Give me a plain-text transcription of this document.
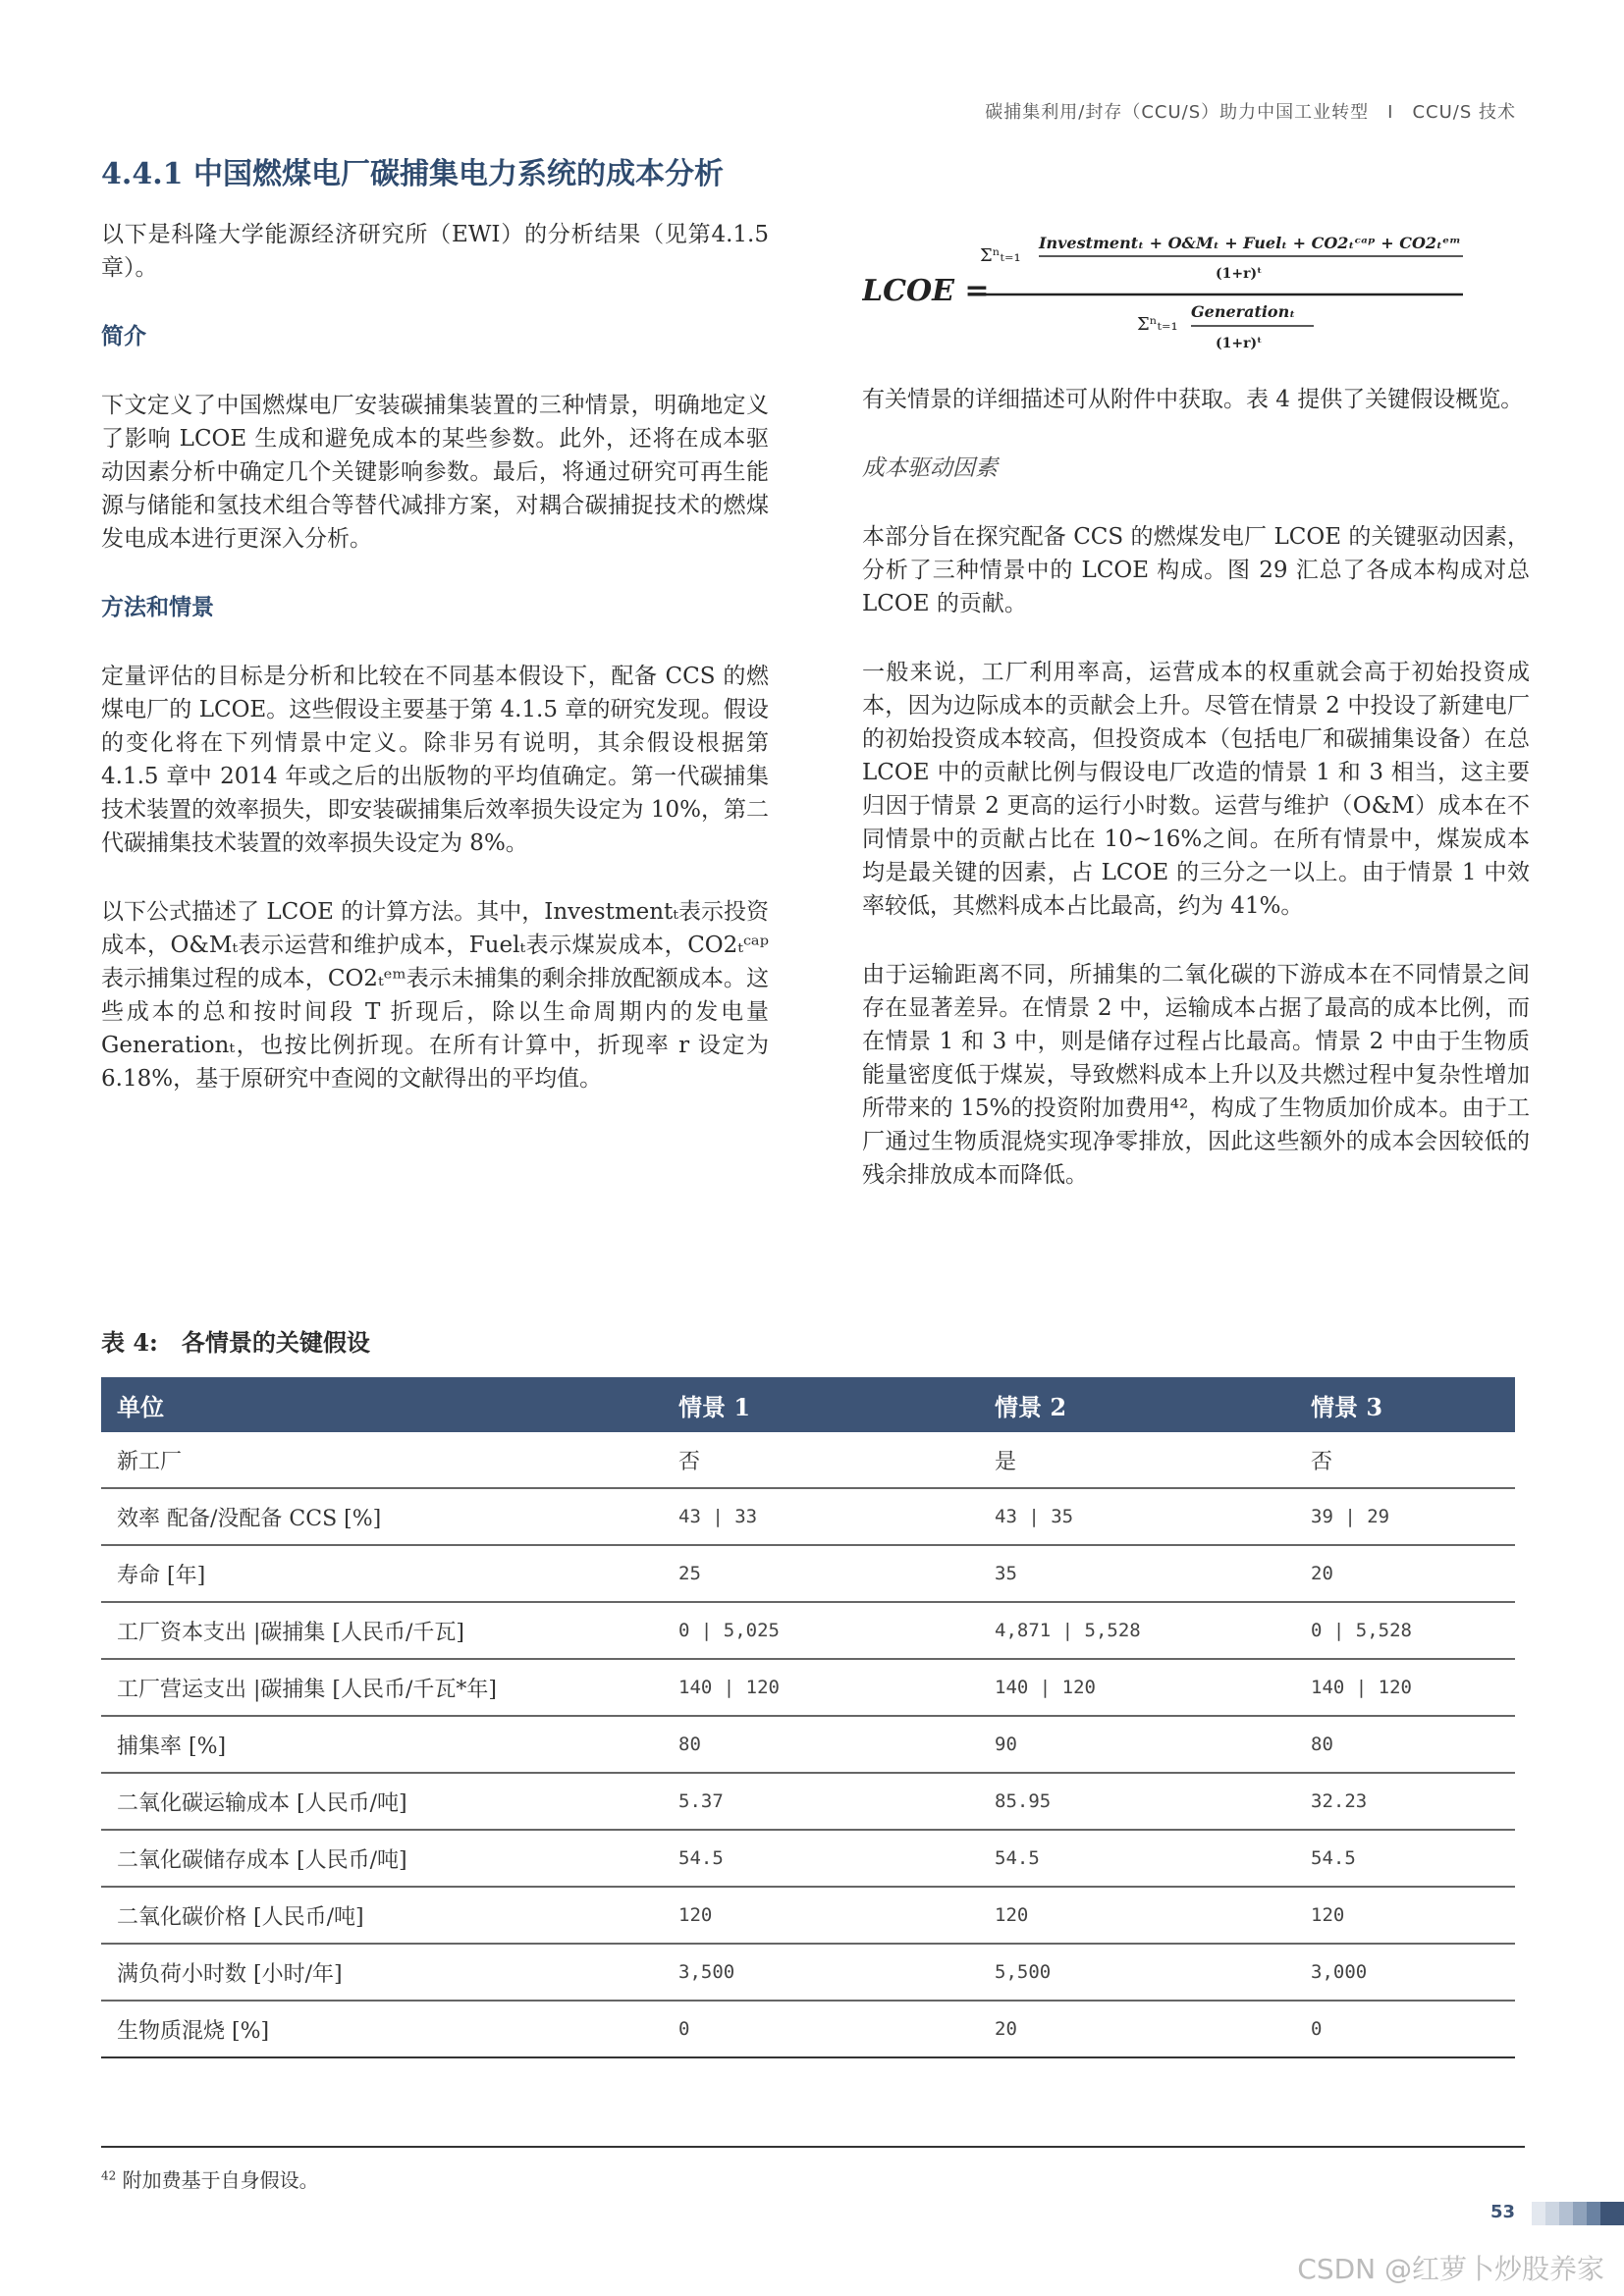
碳捕集利用/封存（CCU/S）助力中国工业转型　I　CCU/S 技术
4.4.1 中国燃煤电厂碳捕集电力系统的成本分析

以下是科隆大学能源经济研究所（EWI）的分析结果（见第4.1.5章）。

简介

下文定义了中国燃煤电厂安装碳捕集装置的三种情景，明确地定义了影响 LCOE 生成和避免成本的某些参数。此外，还将在成本驱动因素分析中确定几个关键影响参数。最后，将通过研究可再生能源与储能和氢技术组合等替代减排方案，对耦合碳捕捉技术的燃煤发电成本进行更深入分析。

方法和情景

定量评估的目标是分析和比较在不同基本假设下，配备 CCS 的燃煤电厂的 LCOE。这些假设主要基于第 4.1.5 章的研究发现。假设的变化将在下列情景中定义。除非另有说明，其余假设根据第 4.1.5 章中 2014 年或之后的出版物的平均值确定。第一代碳捕集技术装置的效率损失，即安装碳捕集后效率损失设定为 10%，第二代碳捕集技术装置的效率损失设定为 8%。

以下公式描述了 LCOE 的计算方法。其中，Investmentₜ表示投资成本，O&Mₜ表示运营和维护成本，Fuelₜ表示煤炭成本，CO2ₜᶜᵃᵖ表示捕集过程的成本，CO2ₜᵉᵐ表示未捕集的剩余排放配额成本。这些成本的总和按时间段 T 折现后，除以生命周期内的发电量 Generationₜ，也按比例折现。在所有计算中，折现率 r 设定为 6.18%，基于原研究中查阅的文献得出的平均值。

LCOE =
Σⁿₜ₌₁
Investmentₜ + O&Mₜ + Fuelₜ + CO2ₜᶜᵃᵖ + CO2ₜᵉᵐ
(1+r)ᵗ
Σⁿₜ₌₁
Generationₜ
(1+r)ᵗ

有关情景的详细描述可从附件中获取。表 4 提供了关键假设概览。

成本驱动因素

本部分旨在探究配备 CCS 的燃煤发电厂 LCOE 的关键驱动因素，分析了三种情景中的 LCOE 构成。图 29 汇总了各成本构成对总 LCOE 的贡献。

一般来说，工厂利用率高，运营成本的权重就会高于初始投资成本，因为边际成本的贡献会上升。尽管在情景 2 中投设了新建电厂的初始投资成本较高，但投资成本（包括电厂和碳捕集设备）在总 LCOE 中的贡献比例与假设电厂改造的情景 1 和 3 相当，这主要归因于情景 2 更高的运行小时数。运营与维护（O&M）成本在不同情景中的贡献占比在 10~16%之间。在所有情景中，煤炭成本均是最关键的因素，占 LCOE 的三分之一以上。由于情景 1 中效率较低，其燃料成本占比最高，约为 41%。

由于运输距离不同，所捕集的二氧化碳的下游成本在不同情景之间存在显著差异。在情景 2 中，运输成本占据了最高的成本比例，而在情景 1 和 3 中，则是储存过程占比最高。情景 2 中由于生物质能量密度低于煤炭，导致燃料成本上升以及共燃过程中复杂性增加所带来的 15%的投资附加费用⁴²，构成了生物质加价成本。由于工厂通过生物质混烧实现净零排放，因此这些额外的成本会因较低的残余排放成本而降低。

表 4:　各情景的关键假设
单位	情景 1	情景 2	情景 3
新工厂	否	是	否
效率 配备/没配备 CCS [%]	43 | 33	43 | 35	39 | 29
寿命 [年]	25	35	20
工厂资本支出 |碳捕集 [人民币/千瓦]	0 | 5,025	4,871 | 5,528	0 | 5,528
工厂营运支出 |碳捕集 [人民币/千瓦*年]	140 | 120	140 | 120	140 | 120
捕集率 [%]	80	90	80
二氧化碳运输成本 [人民币/吨]	5.37	85.95	32.23
二氧化碳储存成本 [人民币/吨]	54.5	54.5	54.5
二氧化碳价格 [人民币/吨]	120	120	120
满负荷小时数 [小时/年]	3,500	5,500	3,000
生物质混烧 [%]	0	20	0
$^{42}$ 附加费基于自身假设。
53
CSDN @红萝卜炒股养家
